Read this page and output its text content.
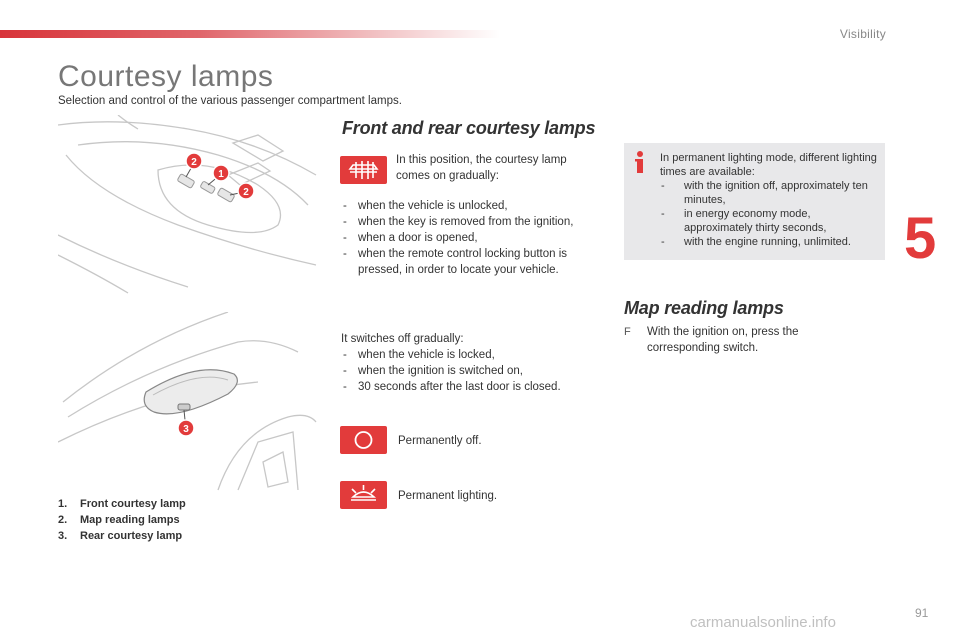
Visibility
5
Courtesy lamps
Selection and control of the various passenger compartment lamps.
2
1
2
3
1. Front courtesy lamp
2. Map reading lamps
3. Rear courtesy lamp
Front and rear courtesy lamps
In this position, the courtesy lamp comes on gradually:
- when the vehicle is unlocked,
- when the key is removed from the ignition,
- when a door is opened,
- when the remote control locking button is pressed, in order to locate your vehicle.
It switches off gradually:
- when the vehicle is locked,
- when the ignition is switched on,
- 30 seconds after the last door is closed.
Permanently off.
Permanent lighting.
In permanent lighting mode, different lighting times are available:
- with the ignition off, approximately ten minutes,
- in energy economy mode, approximately thirty seconds,
- with the engine running, unlimited.
Map reading lamps
F With the ignition on, press the corresponding switch.
carmanualsonline.info
91
